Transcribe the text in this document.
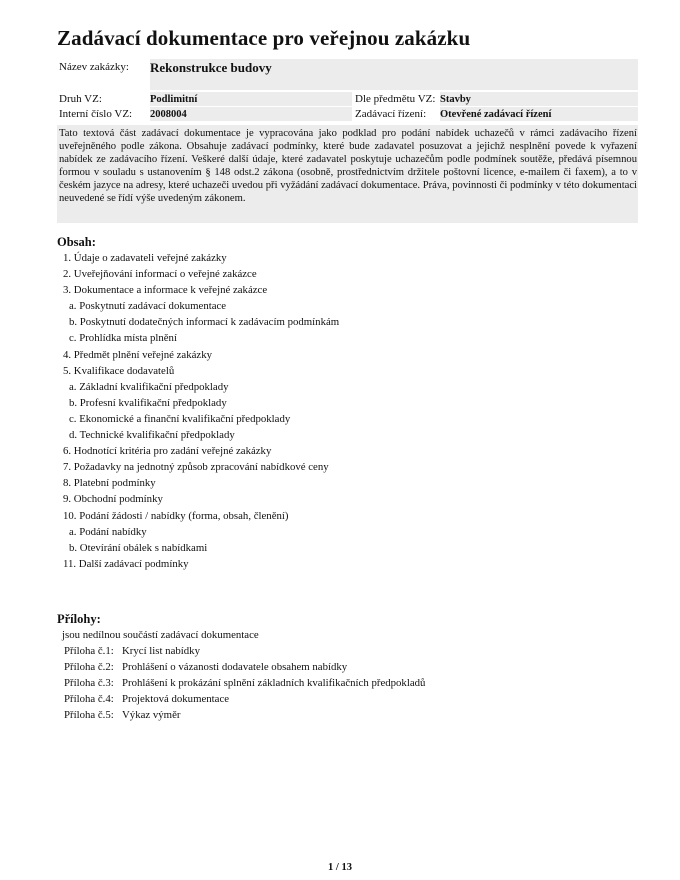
Zadávací dokumentace pro veřejnou zakázku
Název zakázky: Rekonstrukce budovy
Druh VZ:	Podlimitní	Dle předmětu VZ: Stavby
Interní číslo VZ: 2008004	Zadávací řízení: Otevřené zadávací řízení
Tato textová část zadávací dokumentace je vypracována jako podklad pro podání nabídek uchazečů v rámci zadávacího řízení uveřejněného podle zákona. Obsahuje zadávací podmínky, které bude zadavatel posuzovat a jejichž nesplnění povede k vyřazení nabídek ze zadávacího řízení. Veškeré další údaje, které zadavatel poskytuje uchazečům podle podmínek soutěže, předává písemnou formou v souladu s ustanovením § 148 odst.2 zákona (osobně, prostřednictvím držitele poštovní licence, e-mailem či faxem), a to v českém jazyce na adresy, které uchazeči uvedou při vyžádání zadávací dokumentace. Práva, povinnosti či podmínky v této dokumentaci neuvedené se řídí výše uvedeným zákonem.
Obsah:
1. Údaje o zadavateli veřejné zakázky
2. Uveřejňování informací o veřejné zakázce
3. Dokumentace a informace k veřejné zakázce
a. Poskytnutí zadávací dokumentace
b. Poskytnutí dodatečných informací k zadávacím podmínkám
c. Prohlídka místa plnění
4. Předmět plnění veřejné zakázky
5. Kvalifikace dodavatelů
a. Základní kvalifikační předpoklady
b. Profesní kvalifikační předpoklady
c. Ekonomické a finanční kvalifikační předpoklady
d. Technické kvalifikační předpoklady
6. Hodnotící kritéria pro zadání veřejné zakázky
7. Požadavky na jednotný způsob zpracování nabídkové ceny
8. Platební podmínky
9. Obchodní podmínky
10. Podání žádosti / nabídky (forma, obsah, členění)
a. Podání nabídky
b. Otevírání obálek s nabídkami
11. Další zadávací podmínky
Přílohy:
jsou nedílnou součástí zadávací dokumentace
Příloha č.1: Krycí list nabídky
Příloha č.2: Prohlášení o vázanosti dodavatele obsahem nabídky
Příloha č.3: Prohlášení k prokázání splnění základních kvalifikačních předpokladů
Příloha č.4: Projektová dokumentace
Příloha č.5: Výkaz výměr
1 / 13
